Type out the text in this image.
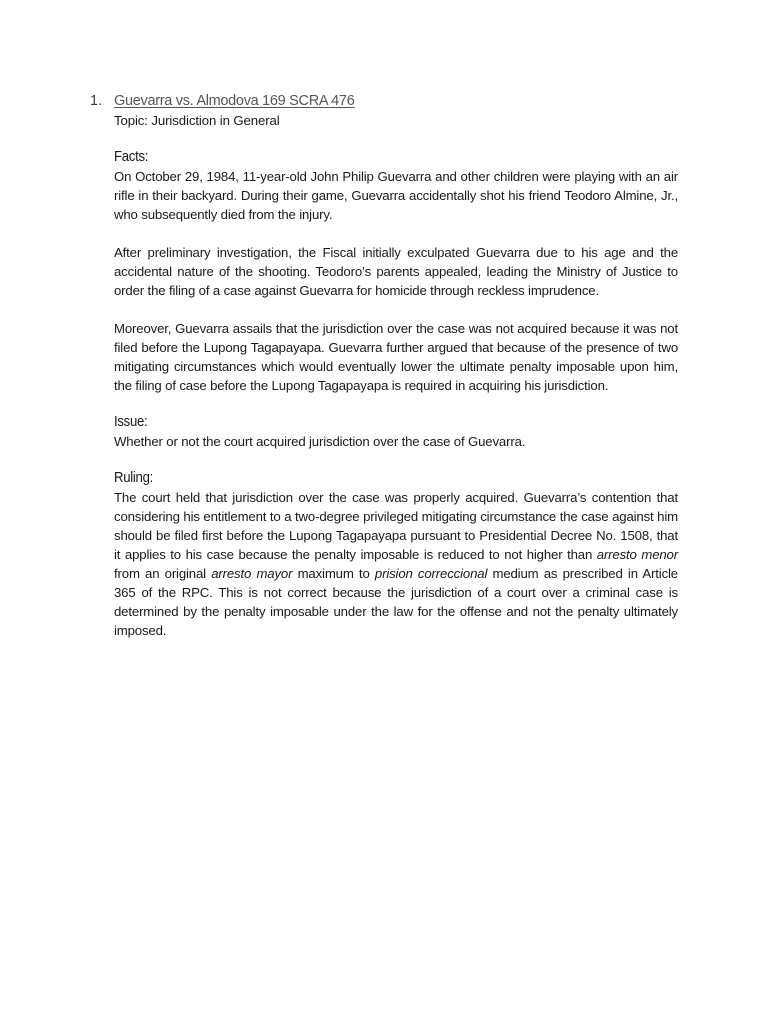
1. Guevarra vs. Almodova 169 SCRA 476

Topic: Jurisdiction in General

Facts:

On October 29, 1984, 11-year-old John Philip Guevarra and other children were playing with an air rifle in their backyard. During their game, Guevarra accidentally shot his friend Teodoro Almine, Jr., who subsequently died from the injury.

After preliminary investigation, the Fiscal initially exculpated Guevarra due to his age and the accidental nature of the shooting. Teodoro’s parents appealed, leading the Ministry of Justice to order the filing of a case against Guevarra for homicide through reckless imprudence.

Moreover, Guevarra assails that the jurisdiction over the case was not acquired because it was not filed before the Lupong Tagapayapa. Guevarra further argued that because of the presence of two mitigating circumstances which would eventually lower the ultimate penalty imposable upon him, the filing of case before the Lupong Tagapayapa is required in acquiring his jurisdiction.

Issue:

Whether or not the court acquired jurisdiction over the case of Guevarra.

Ruling:

The court held that jurisdiction over the case was properly acquired. Guevarra’s contention that considering his entitlement to a two-degree privileged mitigating circumstance the case against him should be filed first before the Lupong Tagapayapa pursuant to Presidential Decree No. 1508, that it applies to his case because the penalty imposable is reduced to not higher than arresto menor from an original arresto mayor maximum to prision correccional medium as prescribed in Article 365 of the RPC. This is not correct because the jurisdiction of a court over a criminal case is determined by the penalty imposable under the law for the offense and not the penalty ultimately imposed.
